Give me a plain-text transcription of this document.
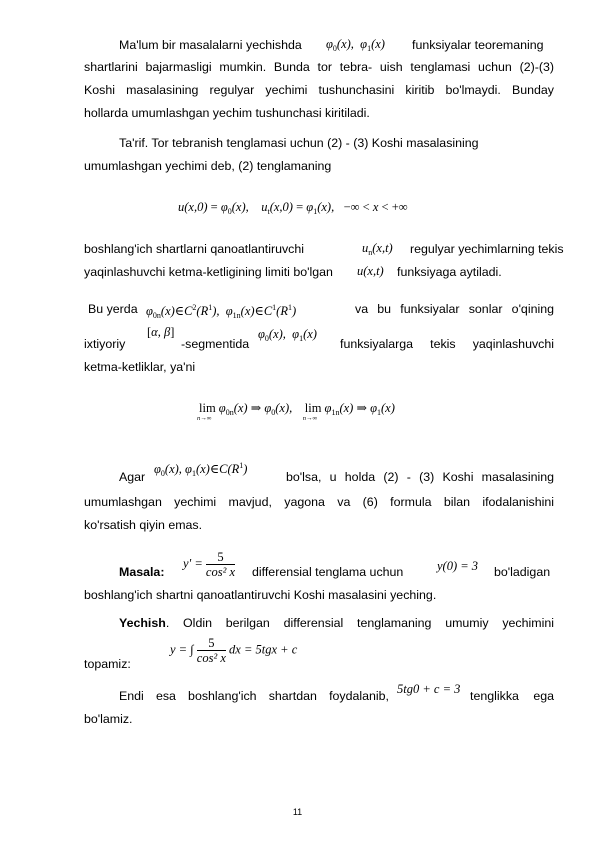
Ma'lum bir masalalarni yechishda $\varphi_0(x)$,  $\varphi_1(x)$ funksiyalar teoremaning
shartlarini bajarmasligi mumkin. Bunda tor tebra- uish tenglamasi uchun (2)-(3)
Koshi masalasining regulyar yechimi tushunchasini kiritib bo'lmaydi. Bunday
hollarda umumlashgan yechim tushunchasi kiritiladi.
Ta'rif. Tor tebranish tenglamasi uchun (2) - (3) Koshi masalasining
umumlashgan yechimi deb, (2) tenglamaning
$u(x,0) = \varphi_0(x)$,    $u_t(x,0) = \varphi_1(x)$,   −∞ < x < +∞
boshlang'ich shartlarni qanoatlantiruvchi	$u_n(x,t)$ regulyar yechimlarning tekis
yaqinlashuvchi ketma-ketligining limiti bo'lgan u(x,t) funksiyaga aytiladi.
Bu yerda $\varphi_{0n}(x)\in C^2(R^1)$,  $\varphi_{1n}(x)\in C^1(R^1)$	va bu funksiyalar sonlar o'qining
ixtiyoriy
[α, β]
-segmentida
$\varphi_0(x)$,  $\varphi_1(x)$
funksiyalarga tekis yaqinlashuvchi
ketma-ketliklar, ya'ni
lim
n→∞
$\varphi_{0n}(x)$ ⇒ $\varphi_0(x)$,    lim
n→∞
$\varphi_{1n}(x)$ ⇒ $\varphi_1(x)$
Agar
$\varphi_0(x)$, $\varphi_1(x)\in C(R^1)$
bo'lsa, u holda (2) - (3) Koshi masalasining
umumlashgan yechimi mavjud, yagona va (6) formula bilan ifodalanishini
ko'rsatish qiyin emas.
Masala:
$y' = \frac{5}{\text{cos² x}}$ differensial tenglama uchun	y(0) = 3 bo'ladigan
boshlang'ich shartni qanoatlantiruvchi Koshi masalasini yeching.
Yechish . Oldin berilgan differensial tenglamaning umumiy yechimini
y = ∫ $\frac{5}{\text{cos² x}}$ dx = 5tgx + c
topamiz:
Endi esa boshlang'ich shartdan foydalanib, 5tg0 + c = 3 tenglikka ega
bo'lamiz.
11
